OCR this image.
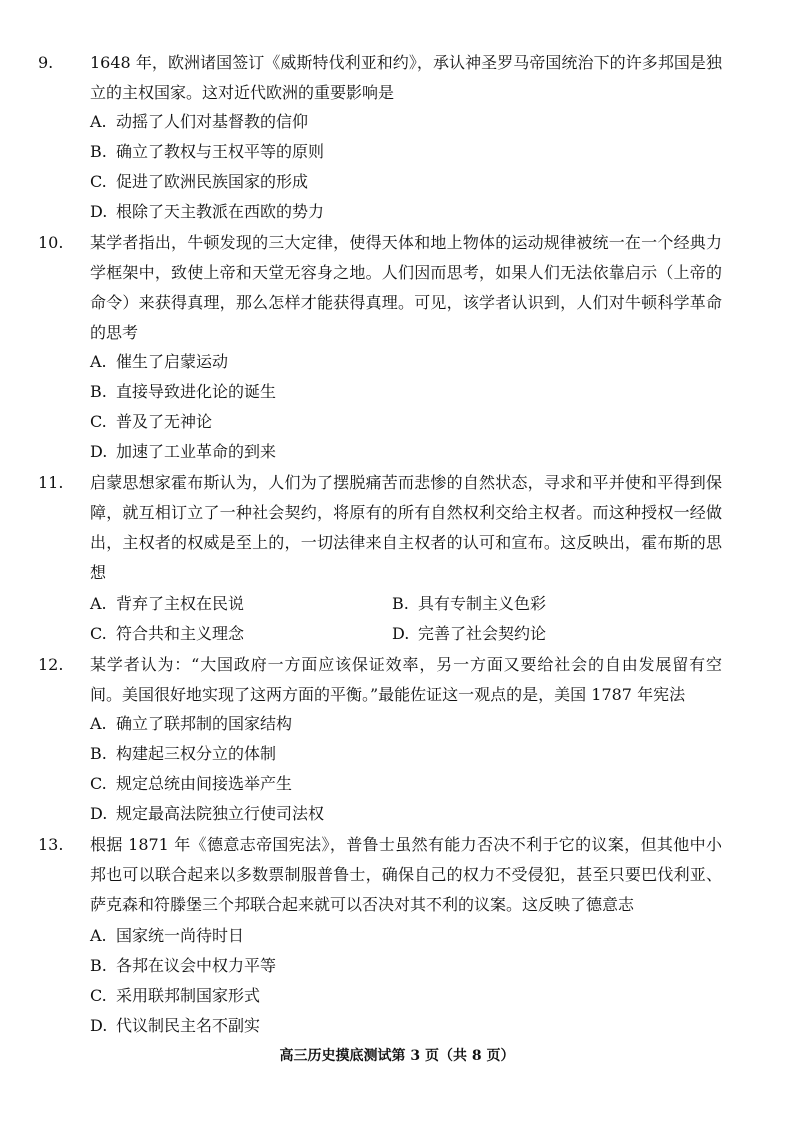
9. 1648 年，欧洲诸国签订《威斯特伐利亚和约》，承认神圣罗马帝国统治下的许多邦国是独立的主权国家。这对近代欧洲的重要影响是

A. 动摇了人们对基督教的信仰
B. 确立了教权与王权平等的原则
C. 促进了欧洲民族国家的形成
D. 根除了天主教派在西欧的势力
10. 某学者指出，牛顿发现的三大定律，使得天体和地上物体的运动规律被统一在一个经典力学框架中，致使上帝和天堂无容身之地。人们因而思考，如果人们无法依靠启示（上帝的命令）来获得真理，那么怎样才能获得真理。可见，该学者认识到，人们对牛顿科学革命的思考

A. 催生了启蒙运动
B. 直接导致进化论的诞生
C. 普及了无神论
D. 加速了工业革命的到来
11. 启蒙思想家霍布斯认为，人们为了摆脱痛苦而悲惨的自然状态，寻求和平并使和平得到保障，就互相订立了一种社会契约，将原有的所有自然权利交给主权者。而这种授权一经做出，主权者的权威是至上的，一切法律来自主权者的认可和宣布。这反映出，霍布斯的思想

A. 背弃了主权在民说	B. 具有专制主义色彩
C. 符合共和主义理念	D. 完善了社会契约论
12. 某学者认为：“大国政府一方面应该保证效率，另一方面又要给社会的自由发展留有空间。美国很好地实现了这两方面的平衡。”最能佐证这一观点的是，美国 1787 年宪法

A. 确立了联邦制的国家结构
B. 构建起三权分立的体制
C. 规定总统由间接选举产生
D. 规定最高法院独立行使司法权
13. 根据 1871 年《德意志帝国宪法》，普鲁士虽然有能力否决不利于它的议案，但其他中小邦也可以联合起来以多数票制服普鲁士，确保自己的权力不受侵犯，甚至只要巴伐利亚、萨克森和符滕堡三个邦联合起来就可以否决对其不利的议案。这反映了德意志

A. 国家统一尚待时日
B. 各邦在议会中权力平等
C. 采用联邦制国家形式
D. 代议制民主名不副实
高三历史摸底测试第 3 页（共 8 页）
